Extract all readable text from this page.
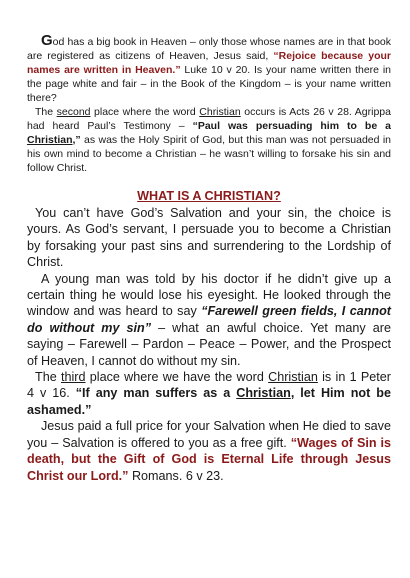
God has a big book in Heaven – only those whose names are in that book are registered as citizens of Heaven, Jesus said, “Rejoice because your names are written in Heaven.” Luke 10 v 20. Is your name written there in the page white and fair – in the Book of the Kingdom – is your name written there?

The second place where the word Christian occurs is Acts 26 v 28. Agrippa had heard Paul’s Testimony – “Paul was persuading him to be a Christian,” as was the Holy Spirit of God, but this man was not persuaded in his own mind to become a Christian – he wasn’t willing to forsake his sin and follow Christ.

WHAT IS A CHRISTIAN?

You can’t have God’s Salvation and your sin, the choice is yours. As God’s servant, I persuade you to become a Christian by forsaking your past sins and surrendering to the Lordship of Christ.

A young man was told by his doctor if he didn’t give up a certain thing he would lose his eyesight. He looked through the window and was heard to say “Farewell green fields, I cannot do without my sin” – what an awful choice. Yet many are saying – Farewell – Pardon – Peace – Power, and the Prospect of Heaven, I cannot do without my sin.

The third place where we have the word Christian is in 1 Peter 4 v 16. “If any man suffers as a Christian, let Him not be ashamed.”

Jesus paid a full price for your Salvation when He died to save you – Salvation is offered to you as a free gift. “Wages of Sin is death, but the Gift of God is Eternal Life through Jesus Christ our Lord.” Romans. 6 v 23.
